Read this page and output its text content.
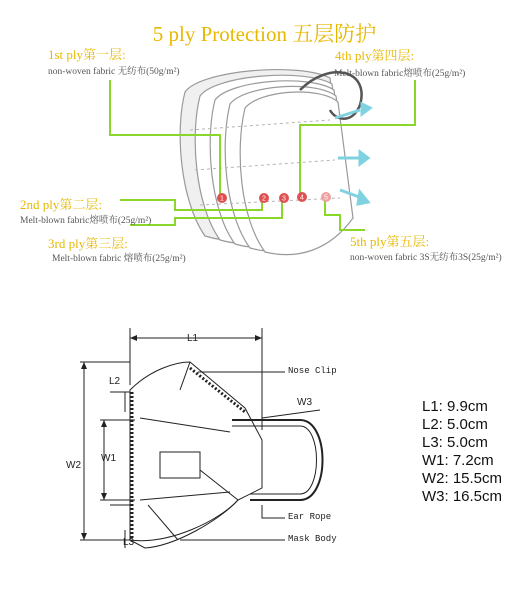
5 ply Protection 五层防护
1	2 3 4	5
1st ply第一层:
non-woven fabric 无纺布(50g/m²)
2nd ply第二层:
Melt-blown fabric熔喷布(25g/m²)
3rd ply第三层:
Melt-blown fabric 熔喷布(25g/m²)
4th ply第四层:
Melt-blown fabric熔喷布(25g/m²)
5th ply第五层:
non-woven fabric 3S无纺布3S(25g/m²)
L1
L2
L3
W1
W2
W3
Nose Clip
Ear Rope
Mask Body
L1: 9.9cm
L2: 5.0cm
L3: 5.0cm
W1: 7.2cm
W2: 15.5cm
W3: 16.5cm
